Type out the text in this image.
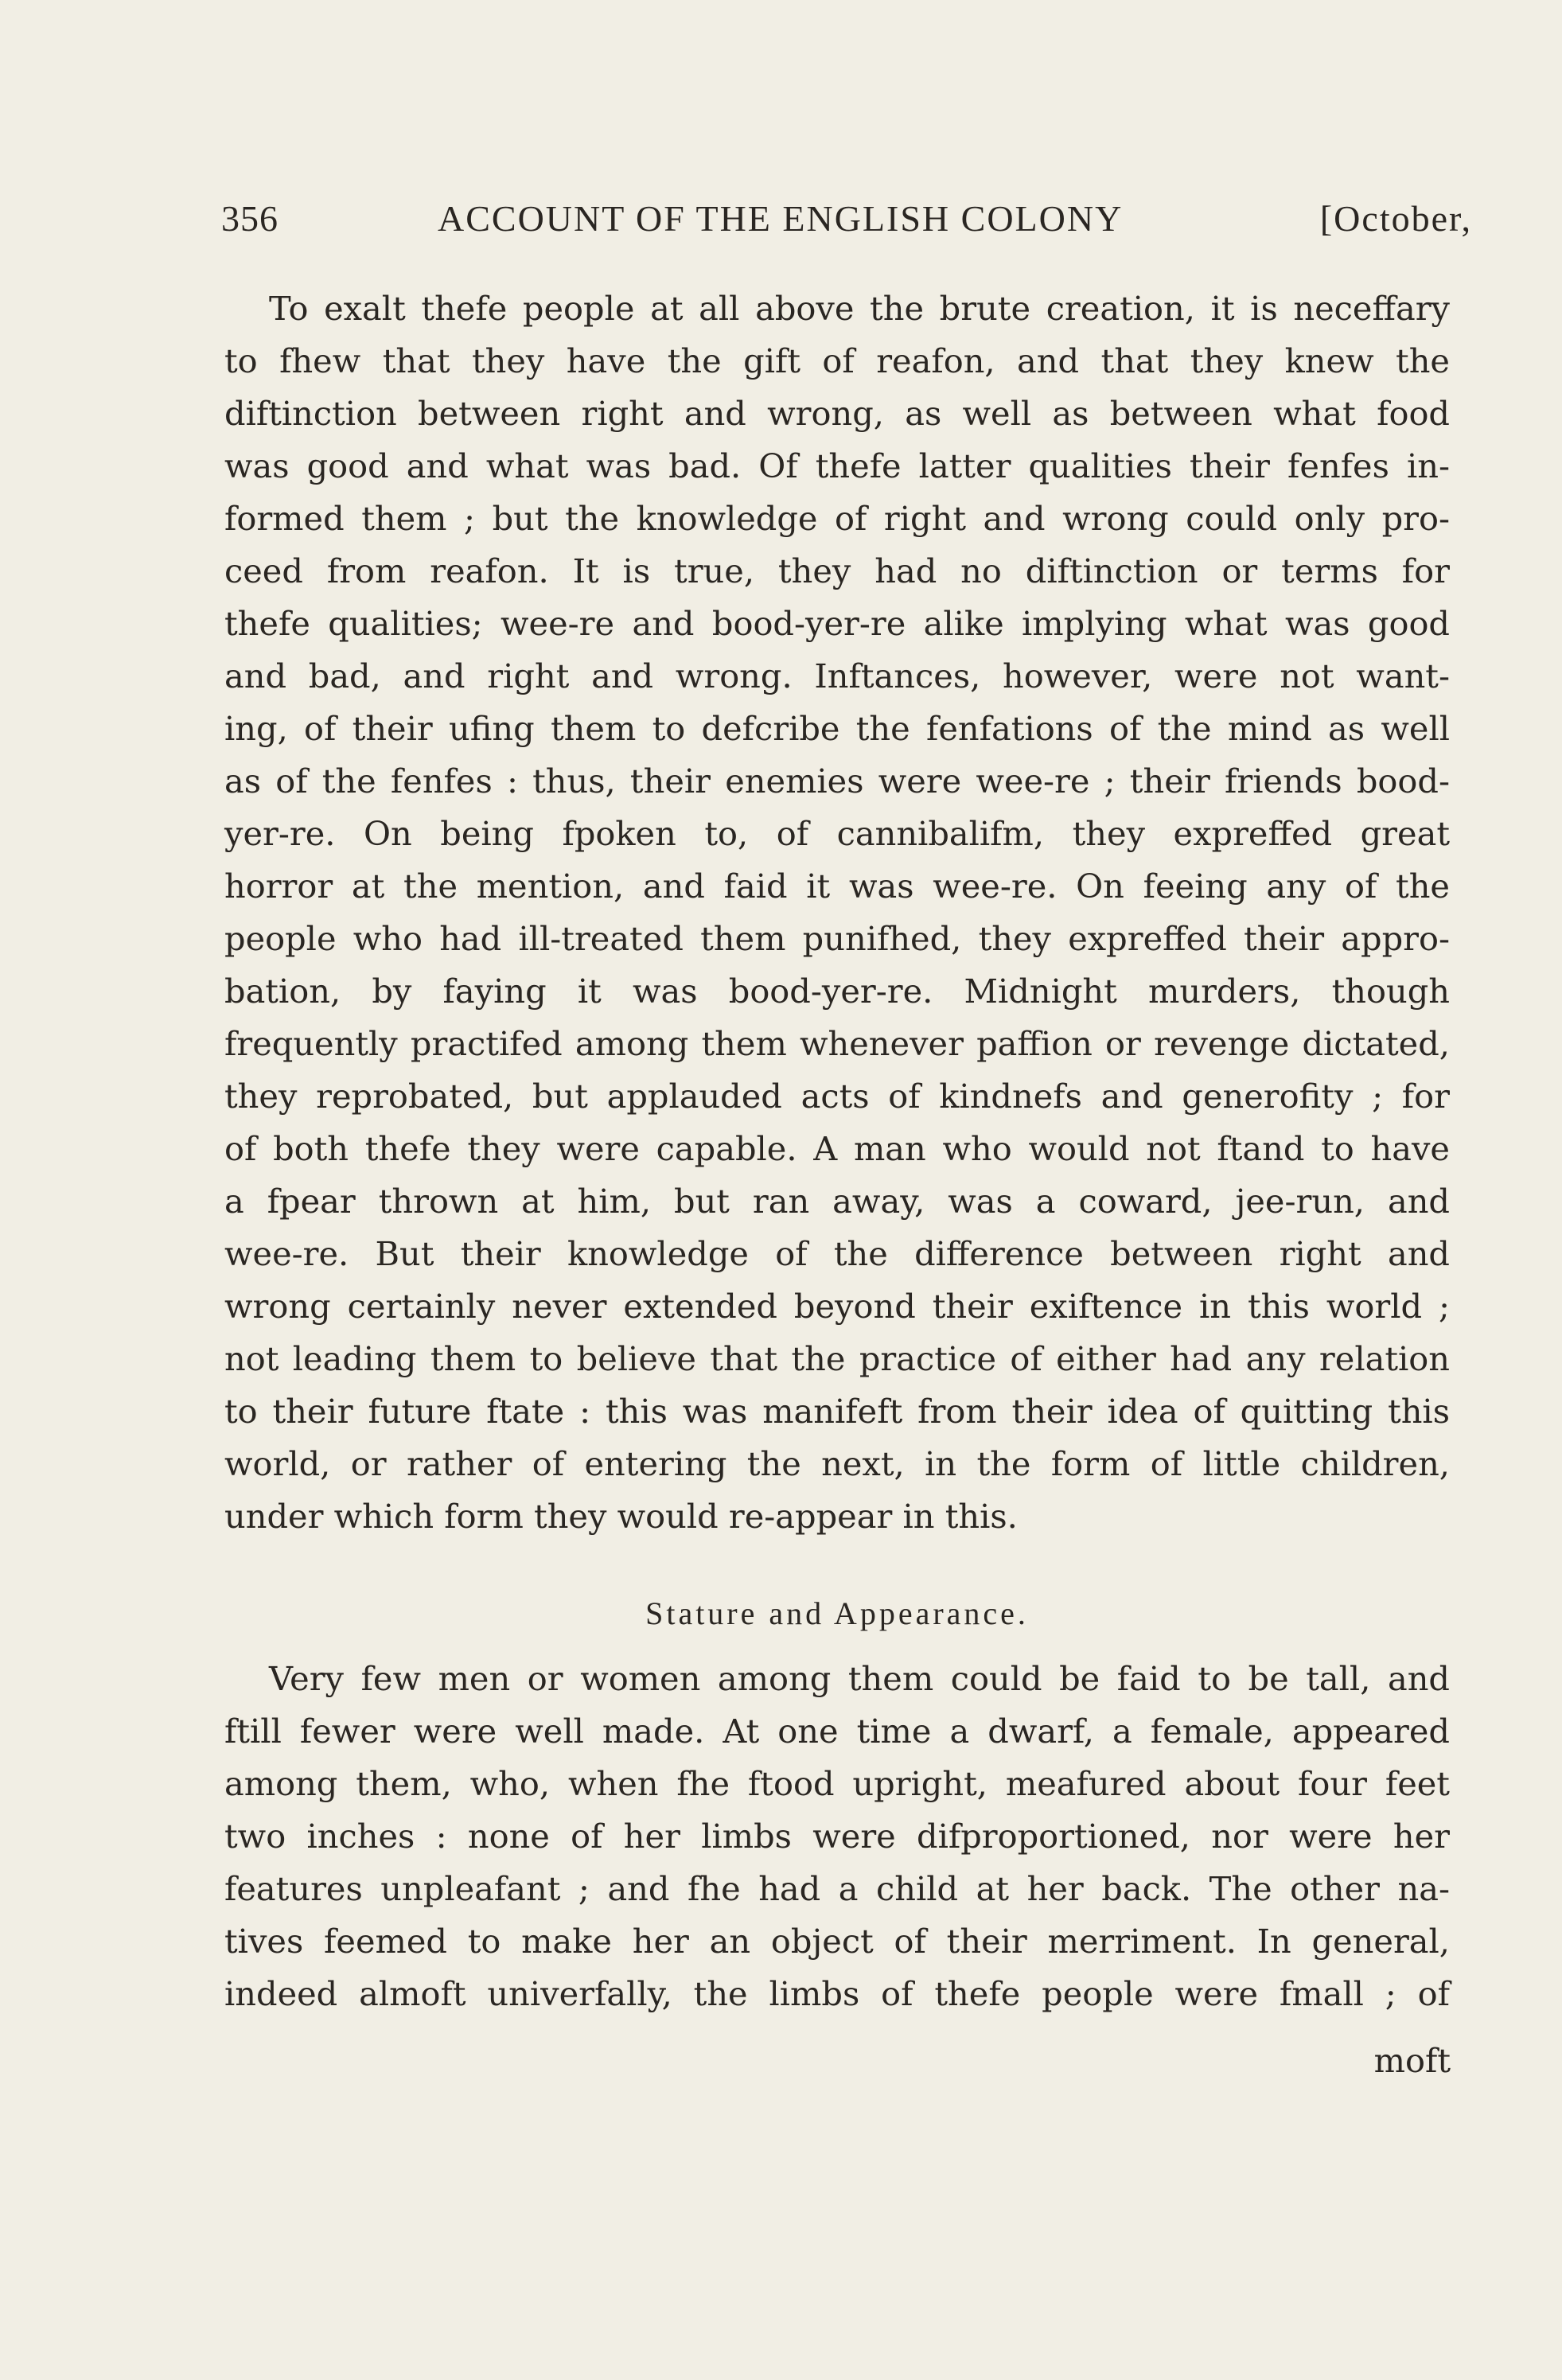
356	ACCOUNT OF THE ENGLISH COLONY	[October,
To exalt thefe people at all above the brute creation, it is neceffary
to fhew that they have the gift of reafon, and that they knew the
diftinction between right and wrong, as well as between what food
was good and what was bad. Of thefe latter qualities their fenfes in-
formed them ; but the knowledge of right and wrong could only pro-
ceed from reafon. It is true, they had no diftinction or terms for
thefe qualities; wee-re and bood-yer-re alike implying what was good
and bad, and right and wrong. Inftances, however, were not want-
ing, of their ufing them to defcribe the fenfations of the mind as well
as of the fenfes : thus, their enemies were wee-re ; their friends bood-
yer-re. On being fpoken to, of cannibalifm, they expreffed great
horror at the mention, and faid it was wee-re. On feeing any of the
people who had ill-treated them punifhed, they expreffed their appro-
bation, by faying it was bood-yer-re. Midnight murders, though
frequently practifed among them whenever paffion or revenge dictated,
they reprobated, but applauded acts of kindnefs and generofity ; for
of both thefe they were capable. A man who would not ftand to have
a fpear thrown at him, but ran away, was a coward, jee-run, and
wee-re. But their knowledge of the difference between right and
wrong certainly never extended beyond their exiftence in this world ;
not leading them to believe that the practice of either had any relation
to their future ftate : this was manifeft from their idea of quitting this
world, or rather of entering the next, in the form of little children,
under which form they would re-appear in this.
Stature and Appearance.
Very few men or women among them could be faid to be tall, and
ftill fewer were well made. At one time a dwarf, a female, appeared
among them, who, when fhe ftood upright, meafured about four feet
two inches : none of her limbs were difproportioned, nor were her
features unpleafant ; and fhe had a child at her back. The other na-
tives feemed to make her an object of their merriment. In general,
indeed almoft univerfally, the limbs of thefe people were fmall ; of
moft
